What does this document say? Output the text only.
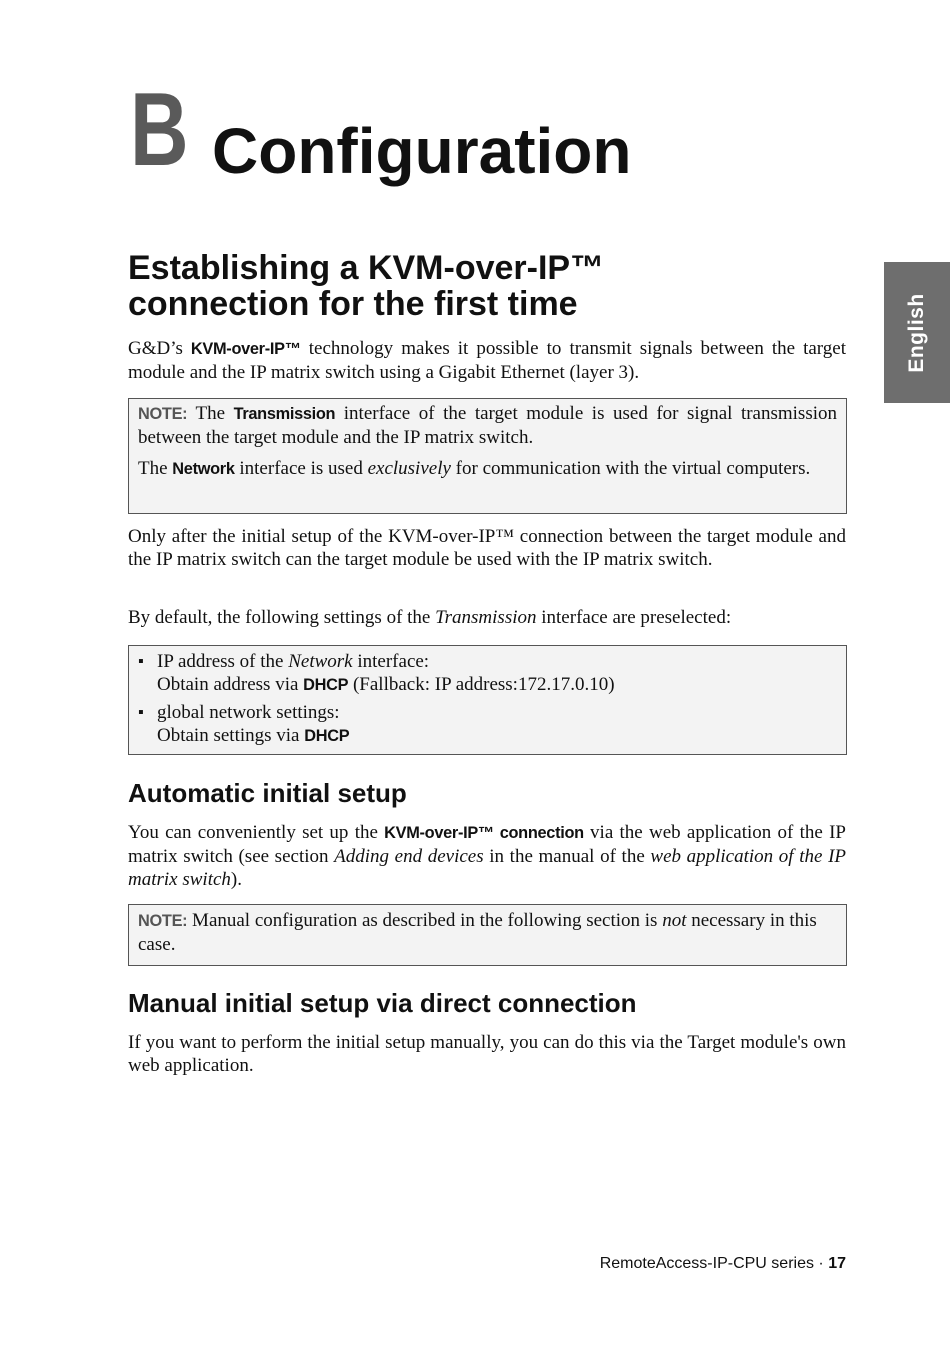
B Configuration
English

Establishing a KVM-over-IP™

connection for the first time

G&D’s KVM-over-IP™ technology makes it possible to transmit signals between the target module and the IP matrix switch using a Gigabit Ethernet (layer 3).

NOTE: The Transmission interface of the target module is used for signal transmission between the target module and the IP matrix switch.

The Network interface is used exclusively for communication with the virtual computers.

Only after the initial setup of the KVM-over-IP™ connection between the target module and the IP matrix switch can the target module be used with the IP matrix switch.

By default, the following settings of the Transmission interface are preselected:

▪ IP address of the Network interface:
Obtain address via DHCP (Fallback: IP address:172.17.0.10)
▪ global network settings:
Obtain settings via DHCP

Automatic initial setup

You can conveniently set up the KVM-over-IP™ connection via the web application of the IP matrix switch (see section Adding end devices in the manual of the web application of the IP matrix switch).

NOTE: Manual configuration as described in the following section is not necessary in this case.

Manual initial setup via direct connection

If you want to perform the initial setup manually, you can do this via the Target module's own web application.

RemoteAccess-IP-CPU series · 17
